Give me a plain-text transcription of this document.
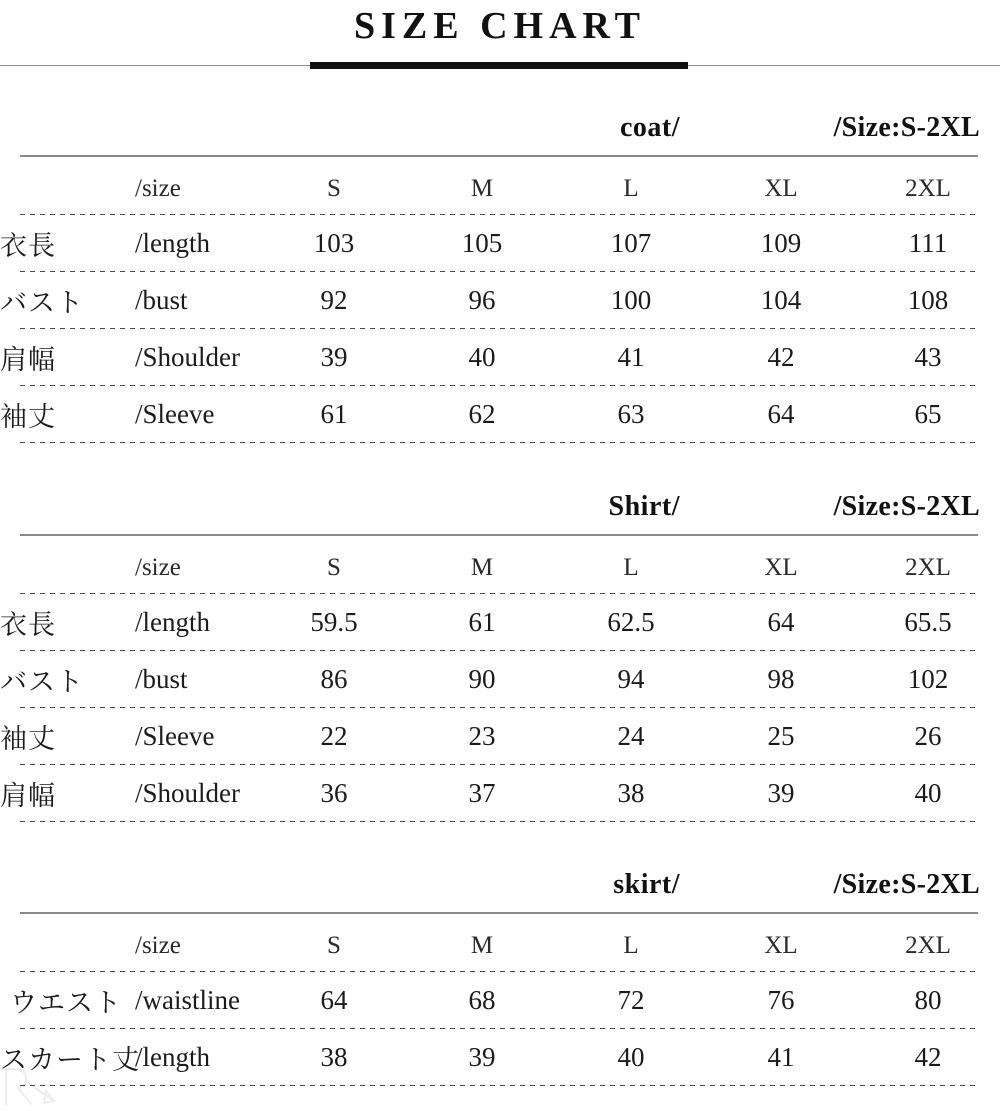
SIZE CHART
coat/	/Size:S-2XL
	/size	S	M	L	XL	2XL

衣長	/length	103	105	107	109	111

バスト	/bust	92	96	100	104	108

肩幅	/Shoulder	39	40	41	42	43

袖丈	/Sleeve	61	62	63	64	65

Shirt/	/Size:S-2XL
	/size	S	M	L	XL	2XL

衣長	/length	59.5	61	62.5	64	65.5

バスト	/bust	86	90	94	98	102

袖丈	/Sleeve	22	23	24	25	26

肩幅	/Shoulder	36	37	38	39	40

skirt/	/Size:S-2XL
	/size	S	M	L	XL	2XL

ウエスト	/waistline	64	68	72	76	80

スカート丈	/length	38	39	40	41	42
